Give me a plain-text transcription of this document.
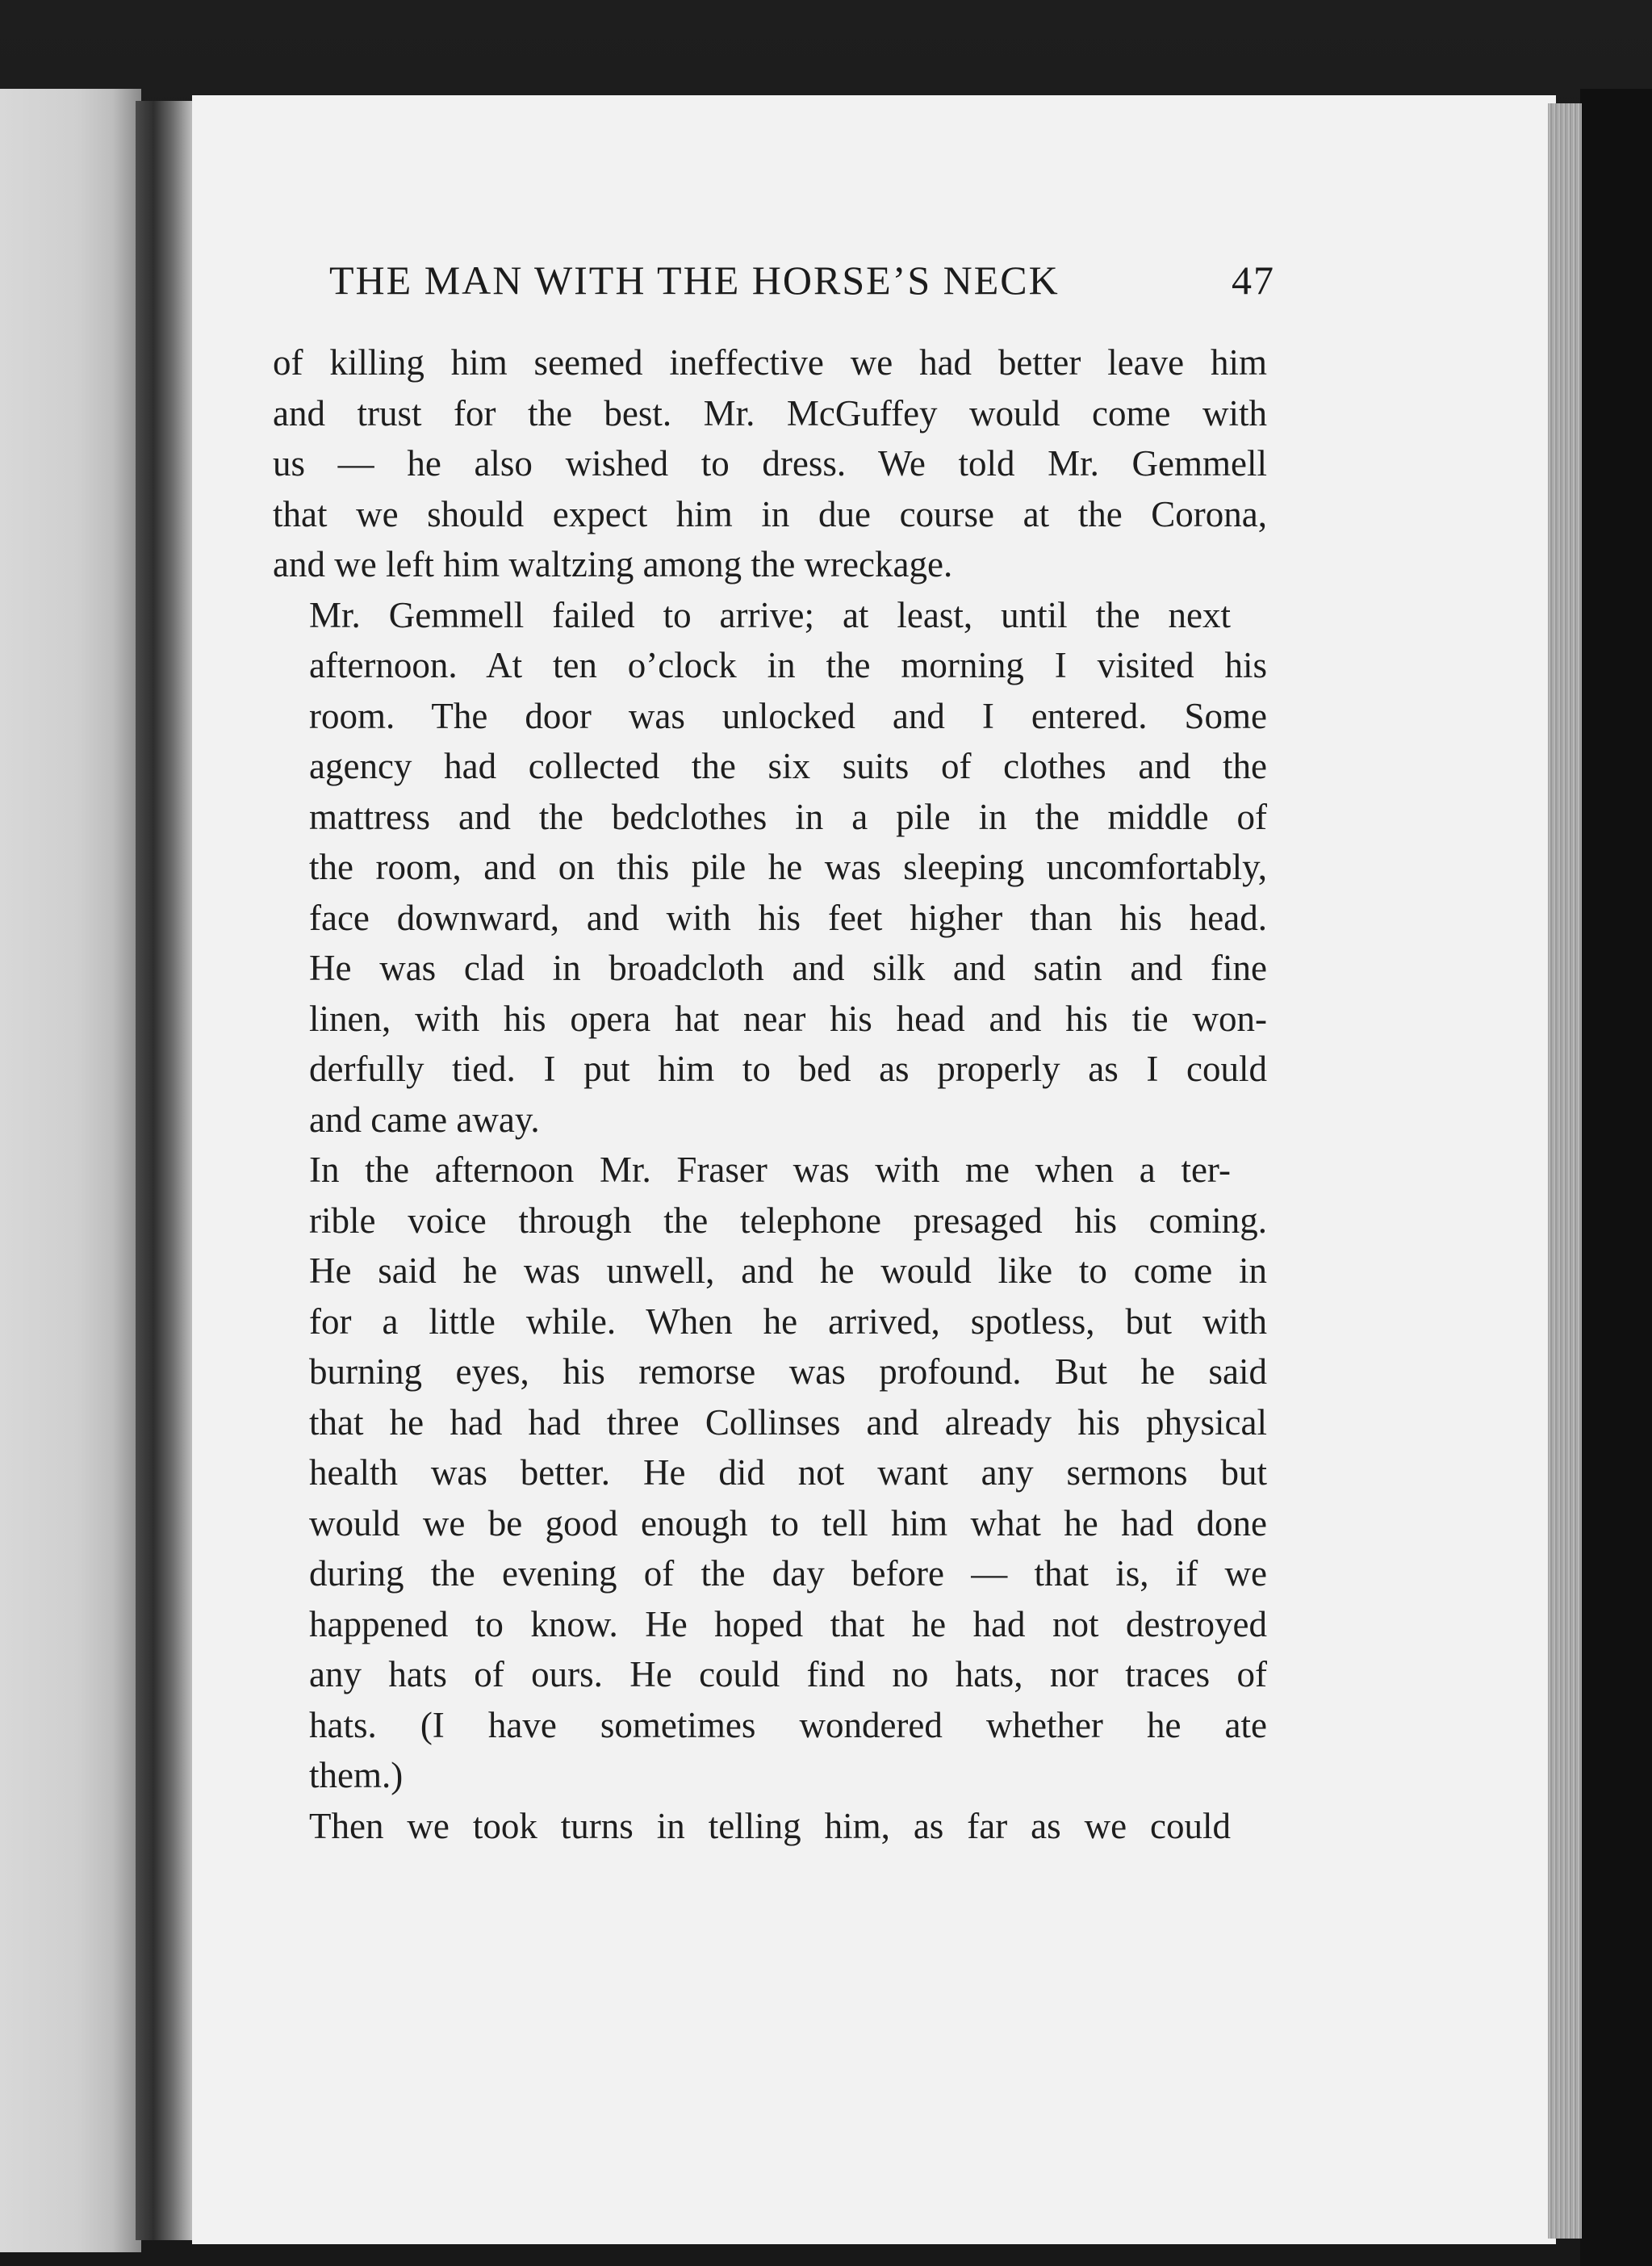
THE MAN WITH THE HORSE’S NECK	47

of killing him seemed ineffective we had better leave him
and trust for the best. Mr. McGuffey would come with
us — he also wished to dress. We told Mr. Gemmell
that we should expect him in due course at the Corona,
and we left him waltzing among the wreckage.

Mr. Gemmell failed to arrive; at least, until the next
afternoon. At ten o’clock in the morning I visited his
room. The door was unlocked and I entered. Some
agency had collected the six suits of clothes and the
mattress and the bedclothes in a pile in the middle of
the room, and on this pile he was sleeping uncomfortably,
face downward, and with his feet higher than his head.
He was clad in broadcloth and silk and satin and fine
linen, with his opera hat near his head and his tie won-
derfully tied. I put him to bed as properly as I could
and came away.

In the afternoon Mr. Fraser was with me when a ter-
rible voice through the telephone presaged his coming.
He said he was unwell, and he would like to come in
for a little while. When he arrived, spotless, but with
burning eyes, his remorse was profound. But he said
that he had had three Collinses and already his physical
health was better. He did not want any sermons but
would we be good enough to tell him what he had done
during the evening of the day before — that is, if we
happened to know. He hoped that he had not destroyed
any hats of ours. He could find no hats, nor traces of
hats. (I have sometimes wondered whether he ate
them.)

Then we took turns in telling him, as far as we could
